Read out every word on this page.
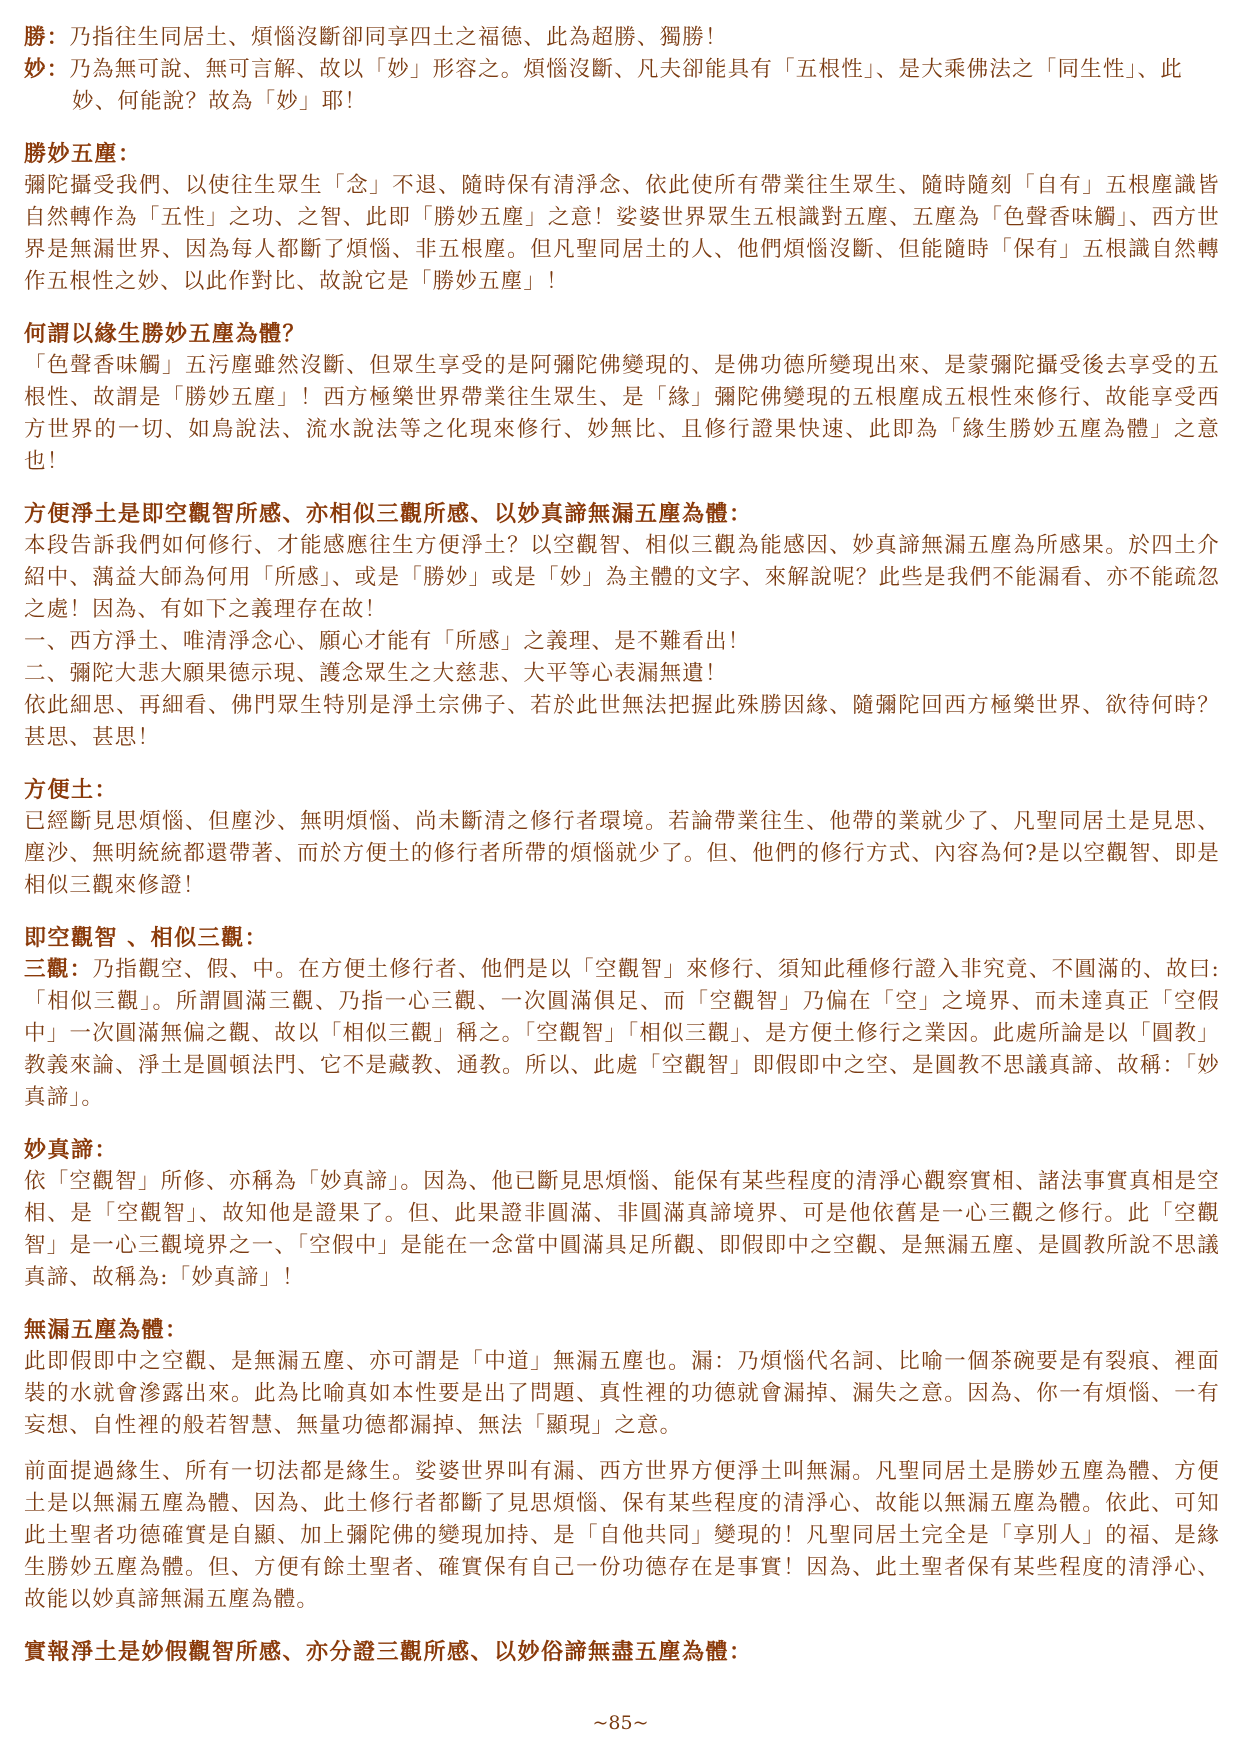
勝：乃指往生同居土、煩惱沒斷卻同享四土之福德、此為超勝、獨勝！

妙：乃為無可說、無可言解、故以「妙」形容之。煩惱沒斷、凡夫卻能具有「五根性」、是大乘佛法之「同生性」、此妙、何能說？故為「妙」耶！

勝妙五塵：

彌陀攝受我們、以使往生眾生「念」不退、隨時保有清淨念、依此使所有帶業往生眾生、隨時隨刻「自有」五根塵識皆自然轉作為「五性」之功、之智、此即「勝妙五塵」之意！娑婆世界眾生五根識對五塵、五塵為「色聲香味觸」、西方世界是無漏世界、因為每人都斷了煩惱、非五根塵。但凡聖同居土的人、他們煩惱沒斷、但能隨時「保有」五根識自然轉作五根性之妙、以此作對比、故說它是「勝妙五塵」！

何謂以緣生勝妙五塵為體？

「色聲香味觸」五污塵雖然沒斷、但眾生享受的是阿彌陀佛變現的、是佛功德所變現出來、是蒙彌陀攝受後去享受的五根性、故謂是「勝妙五塵」！西方極樂世界帶業往生眾生、是「緣」彌陀佛變現的五根塵成五根性來修行、故能享受西方世界的一切、如鳥說法、流水說法等之化現來修行、妙無比、且修行證果快速、此即為「緣生勝妙五塵為體」之意也！

方便淨土是即空觀智所感、亦相似三觀所感、以妙真諦無漏五塵為體：

本段告訴我們如何修行、才能感應往生方便淨土？以空觀智、相似三觀為能感因、妙真諦無漏五塵為所感果。於四土介紹中、蕅益大師為何用「所感」、或是「勝妙」或是「妙」為主體的文字、來解說呢？此些是我們不能漏看、亦不能疏忽之處！因為、有如下之義理存在故！

一、西方淨土、唯清淨念心、願心才能有「所感」之義理、是不難看出！

二、彌陀大悲大願果德示現、護念眾生之大慈悲、大平等心表漏無遺！

依此細思、再細看、佛門眾生特別是淨土宗佛子、若於此世無法把握此殊勝因緣、隨彌陀回西方極樂世界、欲待何時？甚思、甚思！

方便土：

已經斷見思煩惱、但塵沙、無明煩惱、尚未斷清之修行者環境。若論帶業往生、他帶的業就少了、凡聖同居土是見思、塵沙、無明統統都還帶著、而於方便土的修行者所帶的煩惱就少了。但、他們的修行方式、內容為何?是以空觀智、即是相似三觀來修證！

即空觀智 、相似三觀：

三觀：乃指觀空、假、中。在方便土修行者、他們是以「空觀智」來修行、須知此種修行證入非究竟、不圓滿的、故曰:「相似三觀」。所謂圓滿三觀、乃指一心三觀、一次圓滿俱足、而「空觀智」乃偏在「空」之境界、而未達真正「空假中」一次圓滿無偏之觀、故以「相似三觀」稱之。「空觀智」「相似三觀」、是方便土修行之業因。此處所論是以「圓教」教義來論、淨土是圓頓法門、它不是藏教、通教。所以、此處「空觀智」即假即中之空、是圓教不思議真諦、故稱：「妙真諦」。

妙真諦：

依「空觀智」所修、亦稱為「妙真諦」。因為、他已斷見思煩惱、能保有某些程度的清淨心觀察實相、諸法事實真相是空相、是「空觀智」、故知他是證果了。但、此果證非圓滿、非圓滿真諦境界、可是他依舊是一心三觀之修行。此「空觀智」是一心三觀境界之一、「空假中」是能在一念當中圓滿具足所觀、即假即中之空觀、是無漏五塵、是圓教所說不思議真諦、故稱為:「妙真諦」！

無漏五塵為體：

此即假即中之空觀、是無漏五塵、亦可謂是「中道」無漏五塵也。漏：乃煩惱代名詞、比喻一個茶碗要是有裂痕、裡面裝的水就會滲露出來。此為比喻真如本性要是出了問題、真性裡的功德就會漏掉、漏失之意。因為、你一有煩惱、一有妄想、自性裡的般若智慧、無量功德都漏掉、無法「顯現」之意。

前面提過緣生、所有一切法都是緣生。娑婆世界叫有漏、西方世界方便淨土叫無漏。凡聖同居土是勝妙五塵為體、方便土是以無漏五塵為體、因為、此土修行者都斷了見思煩惱、保有某些程度的清淨心、故能以無漏五塵為體。依此、可知此土聖者功德確實是自顯、加上彌陀佛的變現加持、是「自他共同」變現的！凡聖同居土完全是「享別人」的福、是緣生勝妙五塵為體。但、方便有餘土聖者、確實保有自己一份功德存在是事實！因為、此土聖者保有某些程度的清淨心、故能以妙真諦無漏五塵為體。

實報淨土是妙假觀智所感、亦分證三觀所感、以妙俗諦無盡五塵為體：
~85~
